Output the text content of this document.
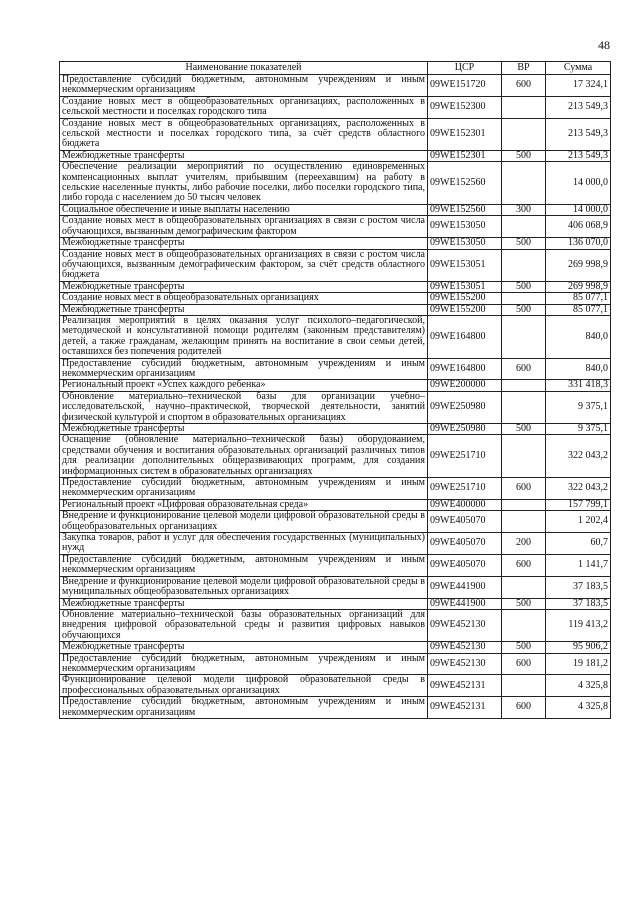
48
Наименование показателей	ЦСР	ВР	Сумма
Предоставление субсидий бюджетным, автономным учреждениям и иным некоммерческим организациям	09WE151720	600	17 324,1
Создание новых мест в общеобразовательных организациях, расположенных в сельской местности и поселках городского типа	09WE152300		213 549,3
Создание новых мест в общеобразовательных организациях, расположенных в сельской местности и поселках городского типа, за счёт средств областного бюджета	09WE152301		213 549,3
Межбюджетные трансферты	09WE152301	500	213 549,3
Обеспечение реализации мероприятий по осуществлению единовременных компенсационных выплат учителям, прибывшим (переехавшим) на работу в сельские населенные пункты, либо рабочие поселки, либо поселки городского типа, либо города с населением до 50 тысяч человек	09WE152560		14 000,0
Социальное обеспечение и иные выплаты населению	09WE152560	300	14 000,0
Создание новых мест в общеобразовательных организациях в связи с ростом числа обучающихся, вызванным демографическим фактором	09WE153050		406 068,9
Межбюджетные трансферты	09WE153050	500	136 070,0
Создание новых мест в общеобразовательных организациях в связи с ростом числа обучающихся, вызванным демографическим фактором, за счёт средств областного бюджета	09WE153051		269 998,9
Межбюджетные трансферты	09WE153051	500	269 998,9
Создание новых мест в общеобразовательных организациях	09WE155200		85 077,1
Межбюджетные трансферты	09WE155200	500	85 077,1
Реализация мероприятий в целях оказания услуг психолого–педагогической, методической и консультативной помощи родителям (законным представителям) детей, а также гражданам, желающим принять на воспитание в свои семьи детей, оставшихся без попечения родителей	09WE164800		840,0
Предоставление субсидий бюджетным, автономным учреждениям и иным некоммерческим организациям	09WE164800	600	840,0
Региональный проект «Успех каждого ребенка»	09WE200000		331 418,3
Обновление материально–технической базы для организации учебно–исследовательской, научно–практической, творческой деятельности, занятий физической культурой и спортом в образовательных организациях	09WE250980		9 375,1
Межбюджетные трансферты	09WE250980	500	9 375,1
Оснащение (обновление материально–технической базы) оборудованием, средствами обучения и воспитания образовательных организаций различных типов для реализации дополнительных общеразвивающих программ, для создания информационных систем в образовательных организациях	09WE251710		322 043,2
Предоставление субсидий бюджетным, автономным учреждениям и иным некоммерческим организациям	09WE251710	600	322 043,2
Региональный проект «Цифровая образовательная среда»	09WE400000		157 799,1
Внедрение и функционирование целевой модели цифровой образовательной среды в общеобразовательных организациях	09WE405070		1 202,4
Закупка товаров, работ и услуг для обеспечения государственных (муниципальных) нужд	09WE405070	200	60,7
Предоставление субсидий бюджетным, автономным учреждениям и иным некоммерческим организациям	09WE405070	600	1 141,7
Внедрение и функционирование целевой модели цифровой образовательной среды в муниципальных общеобразовательных организациях	09WE441900		37 183,5
Межбюджетные трансферты	09WE441900	500	37 183,5
Обновление материально–технической базы образовательных организаций для внедрения цифровой образовательной среды и развития цифровых навыков обучающихся	09WE452130		119 413,2
Межбюджетные трансферты	09WE452130	500	95 906,2
Предоставление субсидий бюджетным, автономным учреждениям и иным некоммерческим организациям	09WE452130	600	19 181,2
Функционирование целевой модели цифровой образовательной среды в профессиональных образовательных организациях	09WE452131		4 325,8
Предоставление субсидий бюджетным, автономным учреждениям и иным некоммерческим организациям	09WE452131	600	4 325,8
